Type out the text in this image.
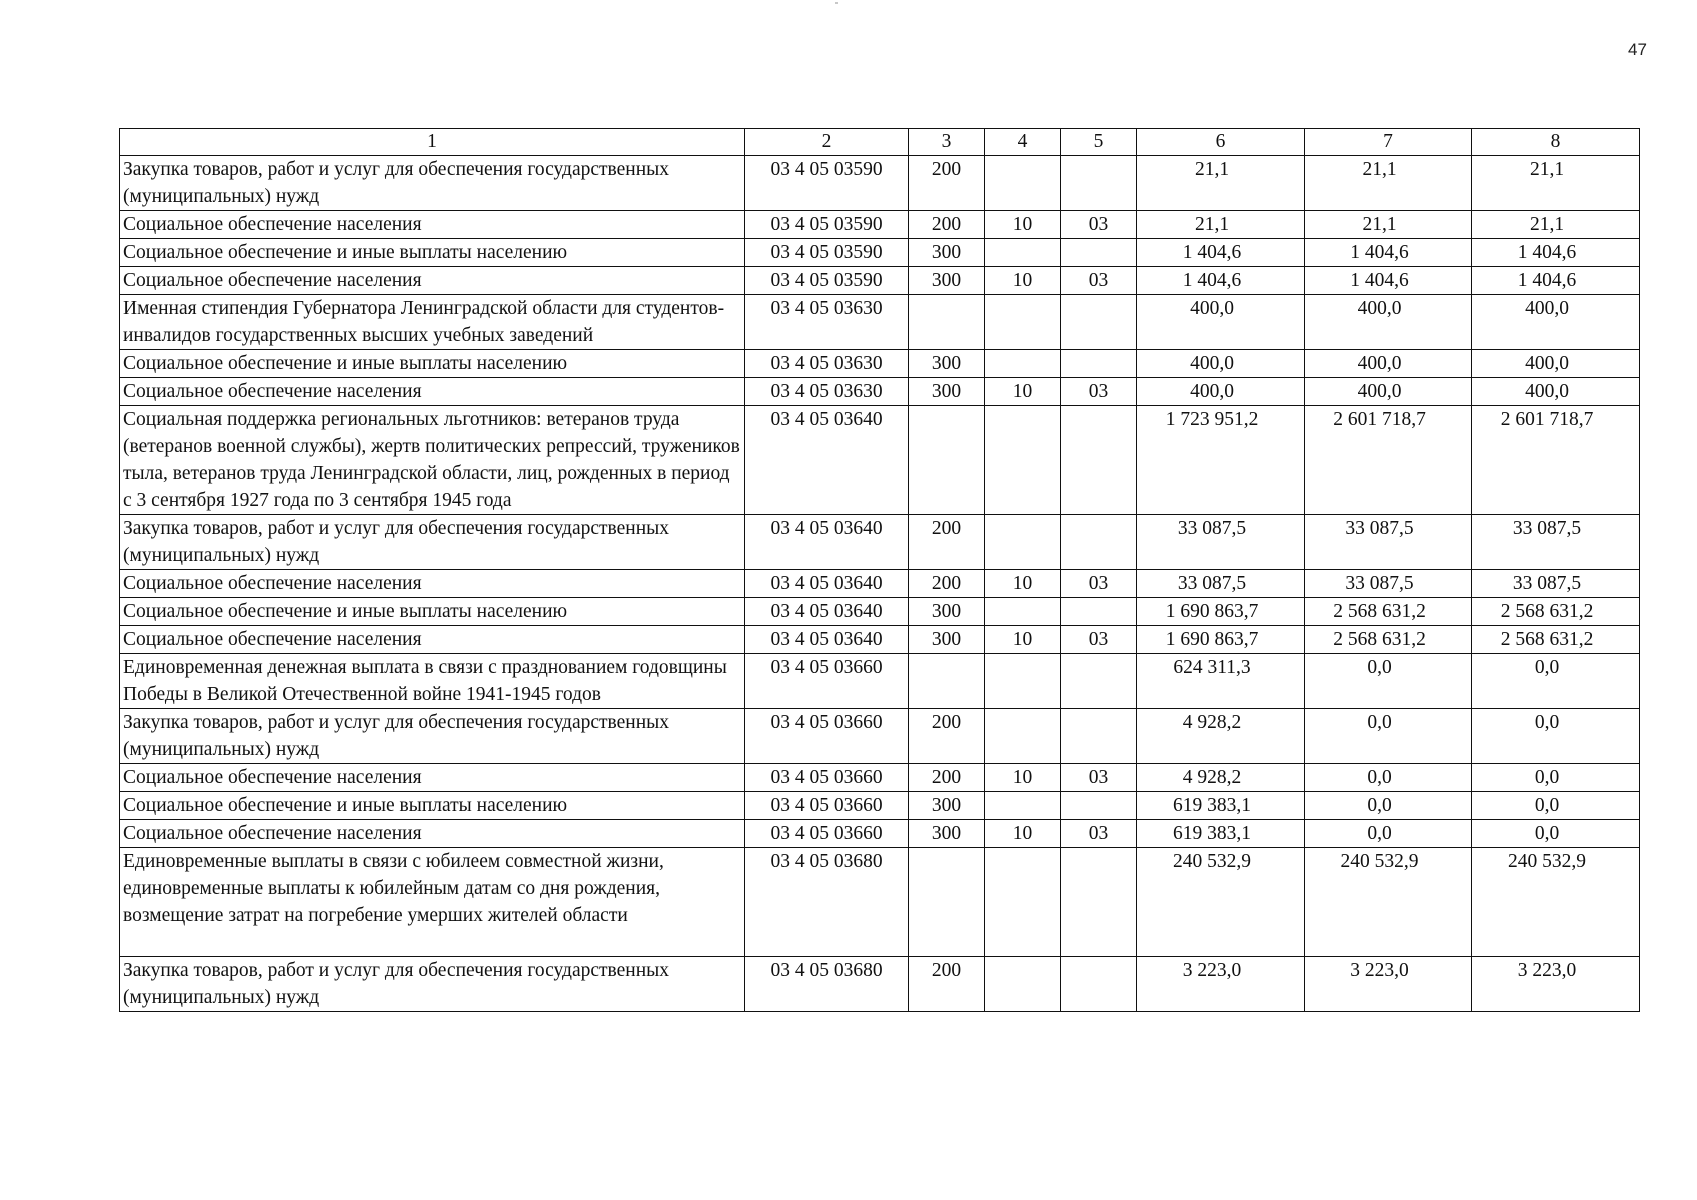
47
1	2	3	4	5	6	7	8
Закупка товаров, работ и услуг для обеспечения государственных (муниципальных) нужд	03 4 05 03590	200			21,1	21,1	21,1
Социальное обеспечение населения	03 4 05 03590	200	10	03	21,1	21,1	21,1
Социальное обеспечение и иные выплаты населению	03 4 05 03590	300			1 404,6	1 404,6	1 404,6
Социальное обеспечение населения	03 4 05 03590	300	10	03	1 404,6	1 404,6	1 404,6
Именная стипендия Губернатора Ленинградской области для студентов-инвалидов государственных высших учебных заведений	03 4 05 03630				400,0	400,0	400,0
Социальное обеспечение и иные выплаты населению	03 4 05 03630	300			400,0	400,0	400,0
Социальное обеспечение населения	03 4 05 03630	300	10	03	400,0	400,0	400,0
Социальная поддержка региональных льготников: ветеранов труда (ветеранов военной службы), жертв политических репрессий, тружеников тыла, ветеранов труда Ленинградской области, лиц, рожденных в период с 3 сентября 1927 года по 3 сентября 1945 года	03 4 05 03640				1 723 951,2	2 601 718,7	2 601 718,7
Закупка товаров, работ и услуг для обеспечения государственных (муниципальных) нужд	03 4 05 03640	200			33 087,5	33 087,5	33 087,5
Социальное обеспечение населения	03 4 05 03640	200	10	03	33 087,5	33 087,5	33 087,5
Социальное обеспечение и иные выплаты населению	03 4 05 03640	300			1 690 863,7	2 568 631,2	2 568 631,2
Социальное обеспечение населения	03 4 05 03640	300	10	03	1 690 863,7	2 568 631,2	2 568 631,2
Единовременная денежная выплата в связи с празднованием годовщины Победы в Великой Отечественной войне 1941-1945 годов	03 4 05 03660				624 311,3	0,0	0,0
Закупка товаров, работ и услуг для обеспечения государственных (муниципальных) нужд	03 4 05 03660	200			4 928,2	0,0	0,0
Социальное обеспечение населения	03 4 05 03660	200	10	03	4 928,2	0,0	0,0
Социальное обеспечение и иные выплаты населению	03 4 05 03660	300			619 383,1	0,0	0,0
Социальное обеспечение населения	03 4 05 03660	300	10	03	619 383,1	0,0	0,0
Единовременные выплаты в связи с юбилеем совместной жизни, единовременные выплаты к юбилейным датам со дня рождения, возмещение затрат на погребение умерших жителей области	03 4 05 03680				240 532,9	240 532,9	240 532,9
Закупка товаров, работ и услуг для обеспечения государственных (муниципальных) нужд	03 4 05 03680	200			3 223,0	3 223,0	3 223,0
